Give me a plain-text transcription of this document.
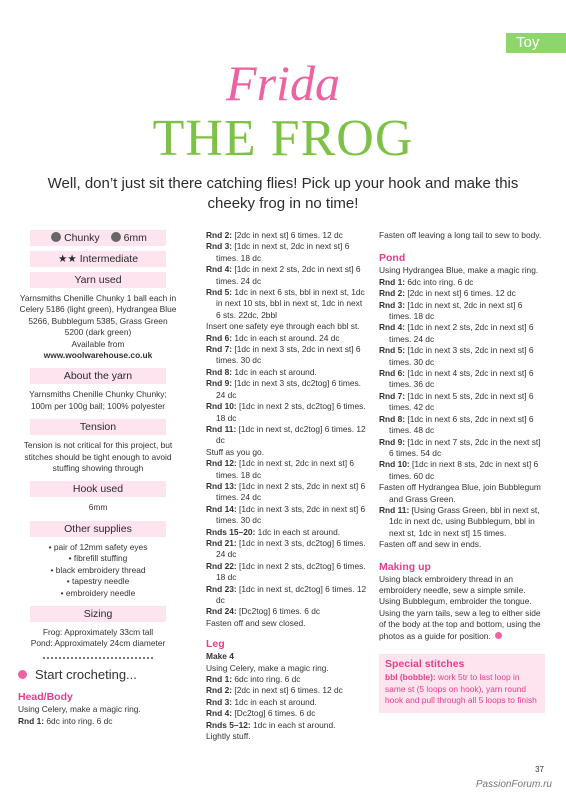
Toy
Frida
THE FROG
Well, don’t just sit there catching flies! Pick up your hook and make this cheeky frog in no time!
Chunky 6mm
★★ Intermediate
Yarn used
Yarnsmiths Chenille Chunky 1 ball each in Celery 5186 (light green), Hydrangea Blue 5266, Bubblegum 5385, Grass Green 5200 (dark green)
Available from
www.woolwarehouse.co.uk
About the yarn
Yarnsmiths Chenille Chunky Chunky; 100m per 100g ball; 100% polyester
Tension
Tension is not critical for this project, but stitches should be tight enough to avoid stuffing showing through
Hook used
6mm
Other supplies
• pair of 12mm safety eyes
• fibrefill stuffing
• black embroidery thread
• tapestry needle
• embroidery needle
Sizing
Frog: Approximately 33cm tall
Pond: Approximately 24cm diameter
Start crocheting...
Head/Body
Using Celery, make a magic ring.
Rnd 1: 6dc into ring. 6 dc
Rnd 2: [2dc in next st] 6 times. 12 dc
Rnd 3: [1dc in next st, 2dc in next st] 6 times. 18 dc
Rnd 4: [1dc in next 2 sts, 2dc in next st] 6 times. 24 dc
Rnd 5: 1dc in next 6 sts, bbl in next st, 1dc in next 10 sts, bbl in next st, 1dc in next 6 sts. 22dc, 2bbl
Insert one safety eye through each bbl st.
Rnd 6: 1dc in each st around. 24 dc
Rnd 7: [1dc in next 3 sts, 2dc in next st] 6 times. 30 dc
Rnd 8: 1dc in each st around.
Rnd 9: [1dc in next 3 sts, dc2tog] 6 times. 24 dc
Rnd 10: [1dc in next 2 sts, dc2tog] 6 times. 18 dc
Rnd 11: [1dc in next st, dc2tog] 6 times. 12 dc
Stuff as you go.
Rnd 12: [1dc in next st, 2dc in next st] 6 times. 18 dc
Rnd 13: [1dc in next 2 sts, 2dc in next st] 6 times. 24 dc
Rnd 14: [1dc in next 3 sts, 2dc in next st] 6 times. 30 dc
Rnds 15–20: 1dc in each st around.
Rnd 21: [1dc in next 3 sts, dc2tog] 6 times. 24 dc
Rnd 22: [1dc in next 2 sts, dc2tog] 6 times. 18 dc
Rnd 23: [1dc in next st, dc2tog] 6 times. 12 dc
Rnd 24: [Dc2tog] 6 times. 6 dc
Fasten off and sew closed.
Leg
Make 4
Using Celery, make a magic ring.
Rnd 1: 6dc into ring. 6 dc
Rnd 2: [2dc in next st] 6 times. 12 dc
Rnd 3: 1dc in each st around.
Rnd 4: [Dc2tog] 6 times. 6 dc
Rnds 5–12: 1dc in each st around.
Lightly stuff.
Fasten off leaving a long tail to sew to body.
Pond
Using Hydrangea Blue, make a magic ring.
Rnd 1: 6dc into ring. 6 dc
Rnd 2: [2dc in next st] 6 times. 12 dc
Rnd 3: [1dc in next st, 2dc in next st] 6 times. 18 dc
Rnd 4: [1dc in next 2 sts, 2dc in next st] 6 times. 24 dc
Rnd 5: [1dc in next 3 sts, 2dc in next st] 6 times. 30 dc
Rnd 6: [1dc in next 4 sts, 2dc in next st] 6 times. 36 dc
Rnd 7: [1dc in next 5 sts, 2dc in next st] 6 times. 42 dc
Rnd 8: [1dc in next 6 sts, 2dc in next st] 6 times. 48 dc
Rnd 9: [1dc in next 7 sts, 2dc in the next st] 6 times. 54 dc
Rnd 10: [1dc in next 8 sts, 2dc in next st] 6 times. 60 dc
Fasten off Hydrangea Blue, join Bubblegum and Grass Green.
Rnd 11: [Using Grass Green, bbl in next st, 1dc in next dc, using Bubblegum, bbl in next st, 1dc in next st] 15 times.
Fasten off and sew in ends.
Making up
Using black embroidery thread in an embroidery needle, sew a simple smile. Using Bubblegum, embroider the tongue. Using the yarn tails, sew a leg to either side of the body at the top and bottom, using the photos as a guide for position.
Special stitches
bbl (bobble): work 5tr to last loop in same st (5 loops on hook), yarn round hook and pull through all 5 loops to finish
37
PassionForum.ru
